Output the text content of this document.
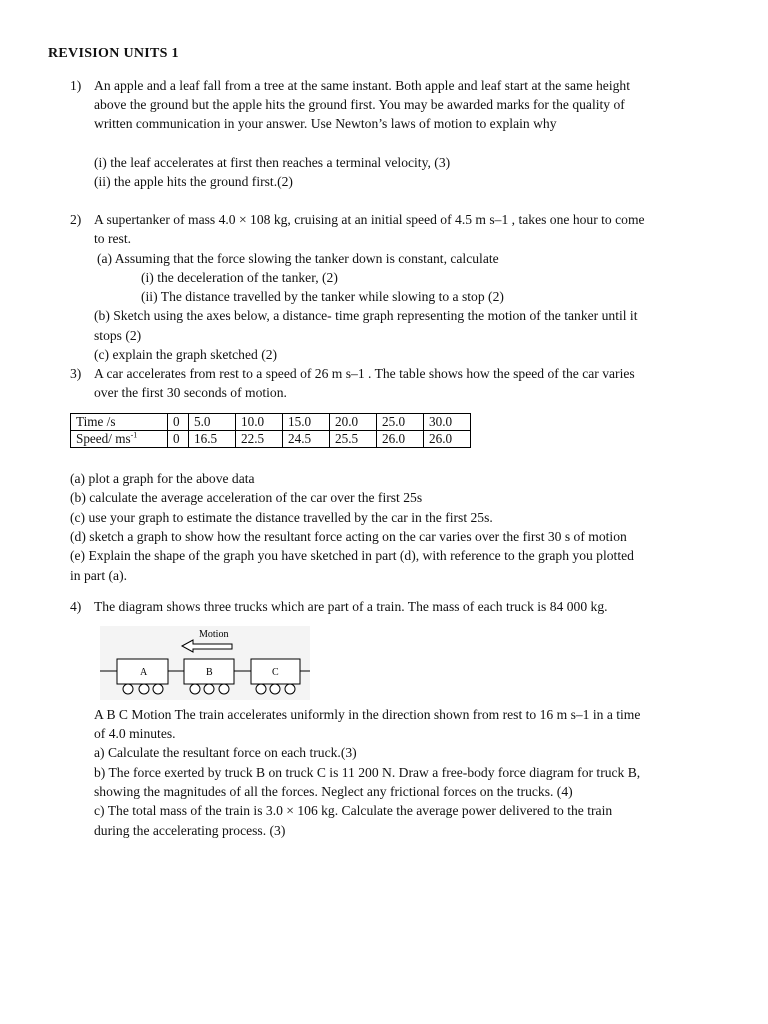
REVISION UNITS 1
1) An apple and a leaf fall from a tree at the same instant. Both apple and leaf start at the same height
above the ground but the apple hits the ground first. You may be awarded marks for the quality of
written communication in your answer. Use Newton’s laws of motion to explain why
(i) the leaf accelerates at first then reaches a terminal velocity, (3)
(ii) the apple hits the ground first.(2)
2) A supertanker of mass 4.0 × 108 kg, cruising at an initial speed of 4.5 m s–1 , takes one hour to come
to rest.
(a) Assuming that the force slowing the tanker down is constant, calculate
(i) the deceleration of the tanker, (2)
(ii) The distance travelled by the tanker while slowing to a stop (2)
(b) Sketch using the axes below, a distance- time graph representing the motion of the tanker until it
stops (2)
(c) explain the graph sketched (2)
3) A car accelerates from rest to a speed of 26 m s–1 . The table shows how the speed of the car varies
over the first 30 seconds of motion.
Time /s	0	5.0	10.0	15.0	20.0	25.0	30.0
Speed/ $ms^{-1}$	0	16.5	22.5	24.5	25.5	26.0	26.0
(a) plot a graph for the above data
(b) calculate the average acceleration of the car over the first 25s
(c) use your graph to estimate the distance travelled by the car in the first 25s.
(d) sketch a graph to show how the resultant force acting on the car varies over the first 30 s of motion
(e) Explain the shape of the graph you have sketched in part (d), with reference to the graph you plotted
in part (a).
4) The diagram shows three trucks which are part of a train. The mass of each truck is 84 000 kg.
Motion
A	B	C
A B C Motion The train accelerates uniformly in the direction shown from rest to 16 m s–1 in a time
of 4.0 minutes.
a) Calculate the resultant force on each truck.(3)
b) The force exerted by truck B on truck C is 11 200 N. Draw a free-body force diagram for truck B,
showing the magnitudes of all the forces. Neglect any frictional forces on the trucks. (4)
c) The total mass of the train is 3.0 × 106 kg. Calculate the average power delivered to the train
during the accelerating process. (3)
